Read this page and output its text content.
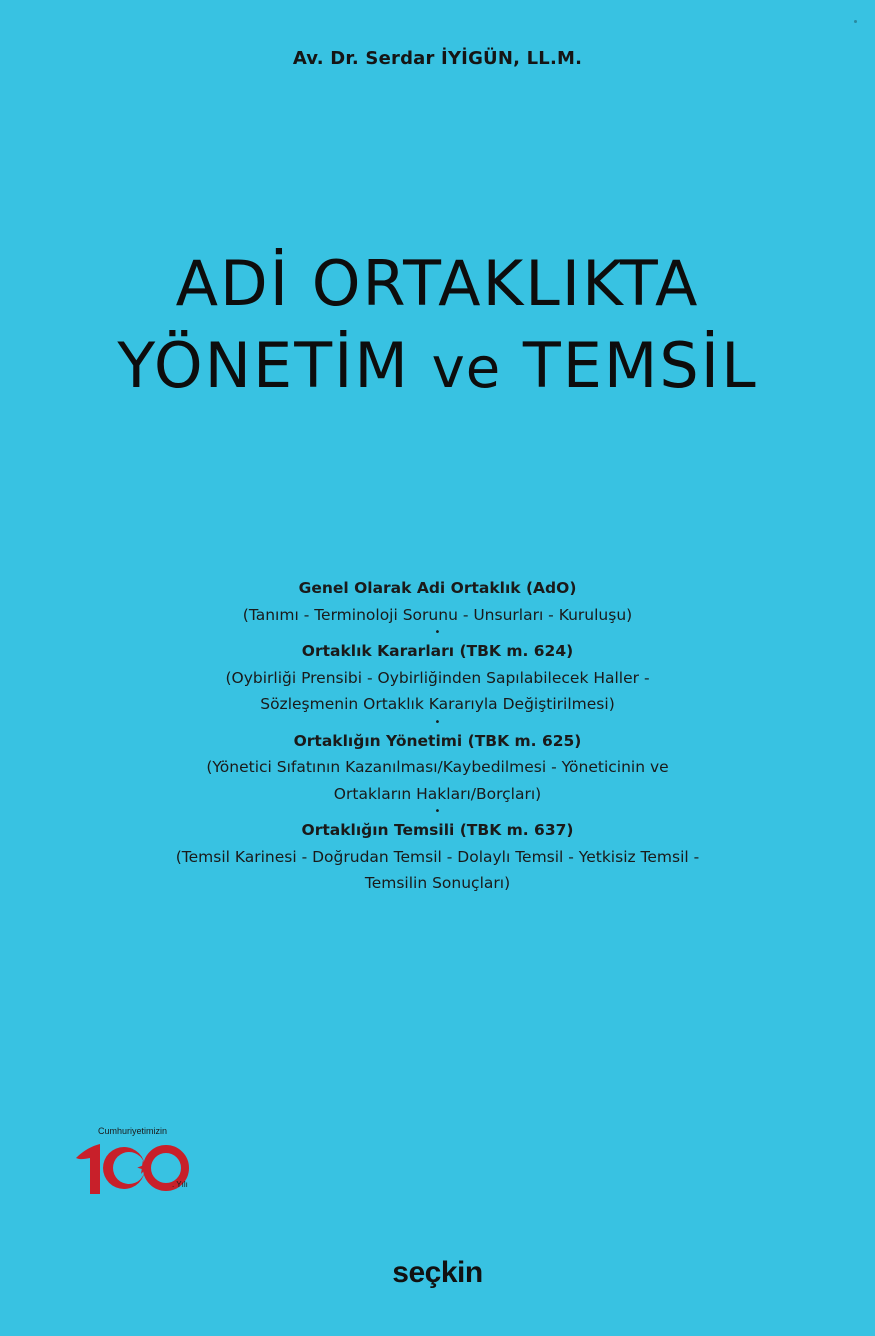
Av. Dr. Serdar İYİGÜN, LL.M.
ADİ ORTAKLIKTA
YÖNETİM ve TEMSİL
Genel Olarak Adi Ortaklık (AdO)
(Tanımı - Terminoloji Sorunu - Unsurları - Kuruluşu)
•
Ortaklık Kararları (TBK m. 624)
(Oybirliği Prensibi - Oybirliğinden Sapılabilecek Haller -
Sözleşmenin Ortaklık Kararıyla Değiştirilmesi)
•
Ortaklığın Yönetimi (TBK m. 625)
(Yönetici Sıfatının Kazanılması/Kaybedilmesi - Yöneticinin ve
Ortakların Hakları/Borçları)
•
Ortaklığın Temsili (TBK m. 637)
(Temsil Karinesi - Doğrudan Temsil - Dolaylı Temsil - Yetkisiz Temsil -
Temsilin Sonuçları)
Cumhuriyetimizin
. Yılı
seçkin
